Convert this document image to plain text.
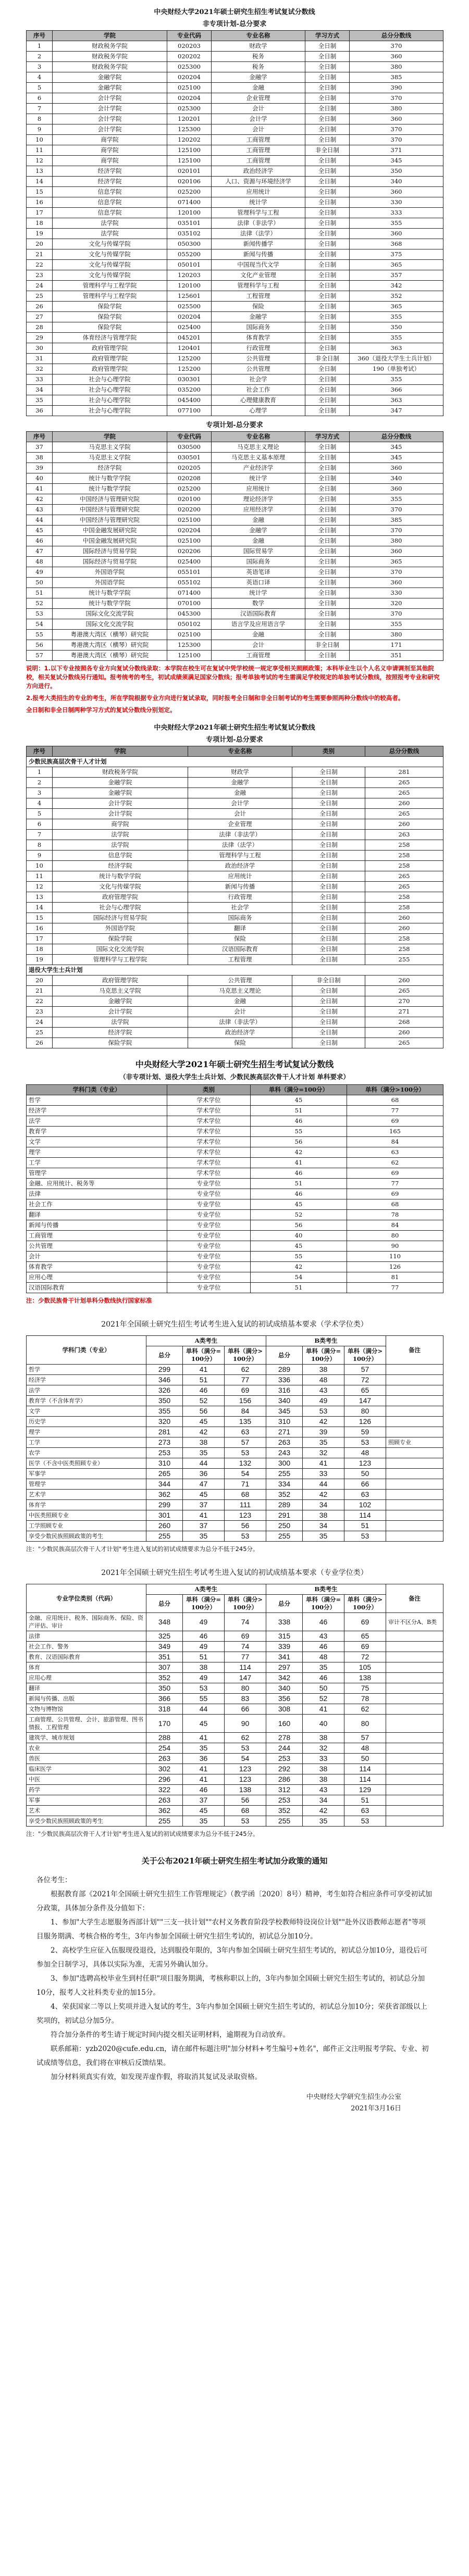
中央财经大学2021年硕士研究生招生考试复试分数线
非专项计划-总分要求
序号	学院	专业代码	专业名称	学习方式	总分分数线
1	财政税务学院	020203	财政学	全日制	370
2	财政税务学院	020202	税务	全日制	360
3	财政税务学院	025300	税务	全日制	380
4	金融学院	020204	金融学	全日制	385
5	金融学院	025100	金融	全日制	390
6	会计学院	020204	企业管理	全日制	370
7	会计学院	025300	会计	全日制	380
8	会计学院	120201	会计学	全日制	360
9	会计学院	125300	会计	全日制	370
10	商学院	120202	工商管理	全日制	370
11	商学院	125100	工商管理	非全日制	371
12	商学院	125100	工商管理	全日制	345
13	经济学院	020101	政治经济学	全日制	350
14	经济学院	020106	人口、资源与环境经济学	全日制	340
15	信息学院	025200	应用统计	全日制	360
16	信息学院	071400	统计学	全日制	330
17	信息学院	120100	管理科学与工程	全日制	333
18	法学院	035101	法律（非法学）	全日制	355
19	法学院	035102	法律（法学）	全日制	360
20	文化与传媒学院	050300	新闻传播学	全日制	368
21	文化与传媒学院	055200	新闻与传播	全日制	375
22	文化与传媒学院	050101	中国现当代文学	全日制	365
23	文化与传媒学院	120203	文化产业管理	全日制	357
24	管理科学与工程学院	120100	管理科学与工程	全日制	342
25	管理科学与工程学院	125601	工程管理	全日制	352
26	保险学院	025500	保险	全日制	365
27	保险学院	020204	金融学	全日制	355
28	保险学院	025400	国际商务	全日制	350
29	体育经济与管理学院	045201	体育教学	全日制	355
30	政府管理学院	120401	行政管理	全日制	363
31	政府管理学院	125200	公共管理	非全日制	360（退役大学生士兵计划）
32	政府管理学院	125200	公共管理	全日制	190（单独考试）
33	社会与心理学院	030301	社会学	全日制	355
34	社会与心理学院	035200	社会工作	全日制	366
35	社会与心理学院	045400	心理健康教育	全日制	363
36	社会与心理学院	077100	心理学	全日制	347
专项计划-总分要求
序号	学院	专业代码	专业名称	学习方式	总分分数线
37	马克思主义学院	030500	马克思主义理论	全日制	345
38	马克思主义学院	030501	马克思主义基本原理	全日制	345
39	经济学院	020205	产业经济学	全日制	360
40	统计与数学学院	020208	统计学	全日制	340
41	统计与数学学院	025200	应用统计	全日制	360
42	中国经济与管理研究院	020100	理论经济学	全日制	355
43	中国经济与管理研究院	020200	应用经济学	全日制	370
44	中国经济与管理研究院	025100	金融	全日制	385
45	中国金融发展研究院	020204	金融学	全日制	370
46	中国金融发展研究院	025100	金融	全日制	380
47	国际经济与贸易学院	020206	国际贸易学	全日制	360
48	国际经济与贸易学院	025400	国际商务	全日制	365
49	外国语学院	055101	英语笔译	全日制	370
50	外国语学院	055102	英语口译	全日制	360
51	统计与数学学院	071400	统计学	全日制	330
52	统计与数学学院	070100	数学	全日制	320
53	国际文化交流学院	045300	汉语国际教育	全日制	370
54	国际文化交流学院	050102	语言学及应用语言学	全日制	355
55	粤港澳大湾区（横琴）研究院	025100	金融	全日制	380
56	粤港澳大湾区（横琴）研究院	125300	会计	非全日制	171
57	粤港澳大湾区（横琴）研究院	125100	工商管理	全日制	351
说明：1.以下专业按照各专业方向复试分数线录取：本学院在校生可在复试中凭学校统一规定享受相关照顾政策；本科毕业生以个人名义申请调剂至其他院校，相关复试分数线另行通知。报考统考的考生，初试成绩须满足国家分数线；报考单独考试的考生需满足学校规定的单独考试分数线，按照报考专业和研究方向进行。
2.报考大类招生的专业的考生，所在学院根据专业方向进行复试录取，同时报考全日制和非全日制考试的考生需要参照两种分数线中的较高者。
全日制和非全日制两种学习方式的复试分数线分别划定。
中央财经大学2021年硕士研究生招生考试复试分数线
专项计划-总分要求
序号	学院	专业名称	类别	总分分数线
少数民族高层次骨干人才计划				
1	财政税务学院	财政学	全日制	281
2	金融学院	金融学	全日制	265
3	金融学院	金融	全日制	265
4	会计学院	会计学	全日制	260
5	会计学院	会计	全日制	265
6	商学院	企业管理	全日制	260
7	法学院	法律（非法学）	全日制	263
8	法学院	法律（法学）	全日制	258
9	信息学院	管理科学与工程	全日制	258
10	经济学院	政治经济学	全日制	258
11	统计与数学学院	应用统计	全日制	265
12	文化与传媒学院	新闻与传播	全日制	265
13	政府管理学院	行政管理	全日制	258
14	社会与心理学院	社会学	全日制	258
15	国际经济与贸易学院	国际商务	全日制	260
16	外国语学院	翻译	全日制	260
17	保险学院	保险	全日制	258
18	国际文化交流学院	汉语国际教育	全日制	258
19	管理科学与工程学院	工程管理	全日制	255
退役大学生士兵计划				
20	政府管理学院	公共管理	非全日制	260
21	马克思主义学院	马克思主义理论	全日制	265
22	金融学院	金融	全日制	270
23	会计学院	会计	全日制	271
24	法学院	法律（非法学）	全日制	268
25	经济学院	政治经济学	全日制	260
26	保险学院	保险	全日制	265
中央财经大学2021年硕士研究生招生考试复试分数线
（非专项计划、退役大学生士兵计划、少数民族高层次骨干人才计划 单科要求）
学科门类（专业）	类别	单科（满分=100分）	单科（满分>100分）
哲学	学术学位	45	68
经济学	学术学位	51	77
法学	学术学位	46	69
教育学	学术学位	55	165
文学	学术学位	56	84
理学	学术学位	42	63
工学	学术学位	41	62
管理学	学术学位	46	69
金融、应用统计、税务等	专业学位	51	77
法律	专业学位	46	69
社会工作	专业学位	45	68
翻译	专业学位	52	78
新闻与传播	专业学位	56	84
工商管理	专业学位	40	80
公共管理	专业学位	45	90
会计	专业学位	55	110
体育教学	专业学位	42	126
应用心理	专业学位	54	81
汉语国际教育	专业学位	51	77
注：少数民族骨干计划单科分数线执行国家标准
2021年全国硕士研究生招生考试考生进入复试的初试成绩基本要求（学术学位类）
学科门类（专业）	A类考生			B类考生			备注
	总分	单科（满分=100分）	单科（满分>100分）	总分	单科（满分=100分）	单科（满分>100分）	
哲学	299	41	62	289	38	57	
经济学	346	51	77	336	48	72	
法学	326	46	69	316	43	65	
教育学（不含体育学）	350	52	156	340	49	147	
文学	355	56	84	345	53	80	
历史学	320	45	135	310	42	126	
理学	281	42	63	271	39	59	
工学	273	38	57	263	35	53	照顾专业
农学	253	35	53	243	32	48	
医学（不含中医类照顾专业）	310	44	132	300	41	123	
军事学	265	36	54	255	33	50	
管理学	344	47	71	334	44	66	
艺术学	362	45	68	352	42	63	
体育学	299	37	111	289	34	102	
中医类照顾专业	301	41	123	291	38	114	
工学照顾专业	260	37	56	250	34	51	
享受少数民族照顾政策的考生	255	35	53	255	35	53	
注："少数民族高层次骨干人才计划"考生进入复试的初试成绩要求为总分不低于245分。
2021年全国硕士研究生招生考试考生进入复试的初试成绩基本要求（专业学位类）
专业学位类别（代码）	A类考生			B类考生			备注
	总分	单科（满分=100分）	单科（满分>100分）	总分	单科（满分=100分）	单科（满分>100分）	
金融、应用统计、税务、国际商务、保险、资产评估、审计	348	49	74	338	46	69	审计不区分A、B类
法律	325	46	69	315	43	65	
社会工作、警务	349	49	74	339	46	69	
教育、汉语国际教育	351	51	77	341	48	72	
体育	307	38	114	297	35	105	
应用心理	352	49	147	342	46	138	
翻译	350	53	80	340	50	75	
新闻与传播、出版	366	55	83	356	52	78	
文物与博物馆	318	44	66	308	41	62	
工商管理、公共管理、会计、旅游管理、图书情报、工程管理	170	45	90	160	40	80	
建筑学、城市规划	288	41	62	278	38	57	
农业	254	35	53	244	32	48	
兽医	263	36	54	253	33	50	
临床医学	302	41	123	292	38	114	
中医	296	41	123	286	38	114	
药学	322	46	138	312	43	129	
军事	263	37	56	253	34	51	
艺术	362	45	68	352	42	63	
享受少数民族照顾政策的考生	255	35	53	255	35	53	
注："少数民族高层次骨干人才计划"考生进入复试的初试成绩要求为总分不低于245分。
关于公布2021年硕士研究生招生考试加分政策的通知
各位考生：

根据教育部《2021年全国硕士研究生招生工作管理规定》（教学函〔2020〕8号）精神，考生如符合相应条件可享受初试加分政策，具体加分条件及分值如下：

1、参加"大学生志愿服务西部计划""三支一扶计划""农村义务教育阶段学校教师特设岗位计划""赴外汉语教师志愿者"等项目服务期满、考核合格的考生，3年内参加全国硕士研究生招生考试的，初试总分加10分。

2、高校学生应征入伍服现役退役，达到服役年限的，3年内参加全国硕士研究生招生考试的，初试总分加10分，退役后可参加全日制学习，具体以实际为准，无需另外确认加分。

3、参加"选聘高校毕业生到村任职"项目服务期满，考核称职以上的，3年内参加全国硕士研究生招生考试的，初试总分加10分，报考人文社科类专业的加15分。

4、荣获国家二等以上奖项并进入复试的考生，3年内参加全国硕士研究生招生考试的，初试总分加10分；荣获省部级以上奖项的，初试总分加5分。

符合加分条件的考生请于规定时间内提交相关证明材料，逾期视为自动放弃。

联系邮箱：yzb2020@cufe.edu.cn，请在邮件标题注明"加分材料+考生编号+姓名"，邮件正文注明报考学院、专业、初试成绩等信息，我们将在审核后反馈结果。

加分材料须真实有效，如发现弄虚作假，将取消其复试及录取资格。

中央财经大学研究生招生办公室
2021年3月16日
